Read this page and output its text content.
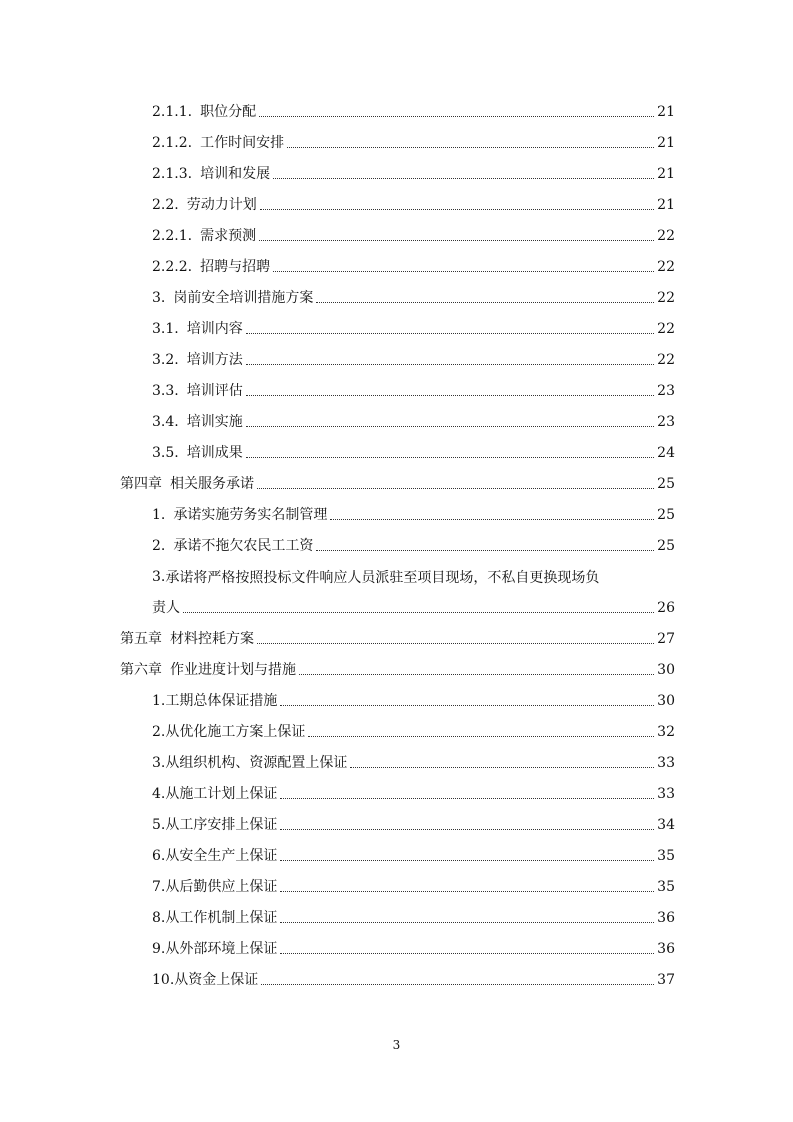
2.1.1. 职位分配	21
2.1.2. 工作时间安排	21
2.1.3. 培训和发展	21
2.2. 劳动力计划	21
2.2.1. 需求预测	22
2.2.2. 招聘与招聘	22
3. 岗前安全培训措施方案	22
3.1. 培训内容	22
3.2. 培训方法	22
3.3. 培训评估	23
3.4. 培训实施	23
3.5. 培训成果	24
第四章 相关服务承诺	25
1. 承诺实施劳务实名制管理	25
2. 承诺不拖欠农民工工资	25
3. 承诺将严格按照投标文件响应人员派驻至项目现场，不私自更换现场负
责人	26
第五章 材料控耗方案	27
第六章 作业进度计划与措施	30
1.工期总体保证措施	30
2.从优化施工方案上保证	32
3.从组织机构、资源配置上保证	33
4.从施工计划上保证	33
5.从工序安排上保证	34
6.从安全生产上保证	35
7.从后勤供应上保证	35
8.从工作机制上保证	36
9.从外部环境上保证	36
10.从资金上保证	37
3
